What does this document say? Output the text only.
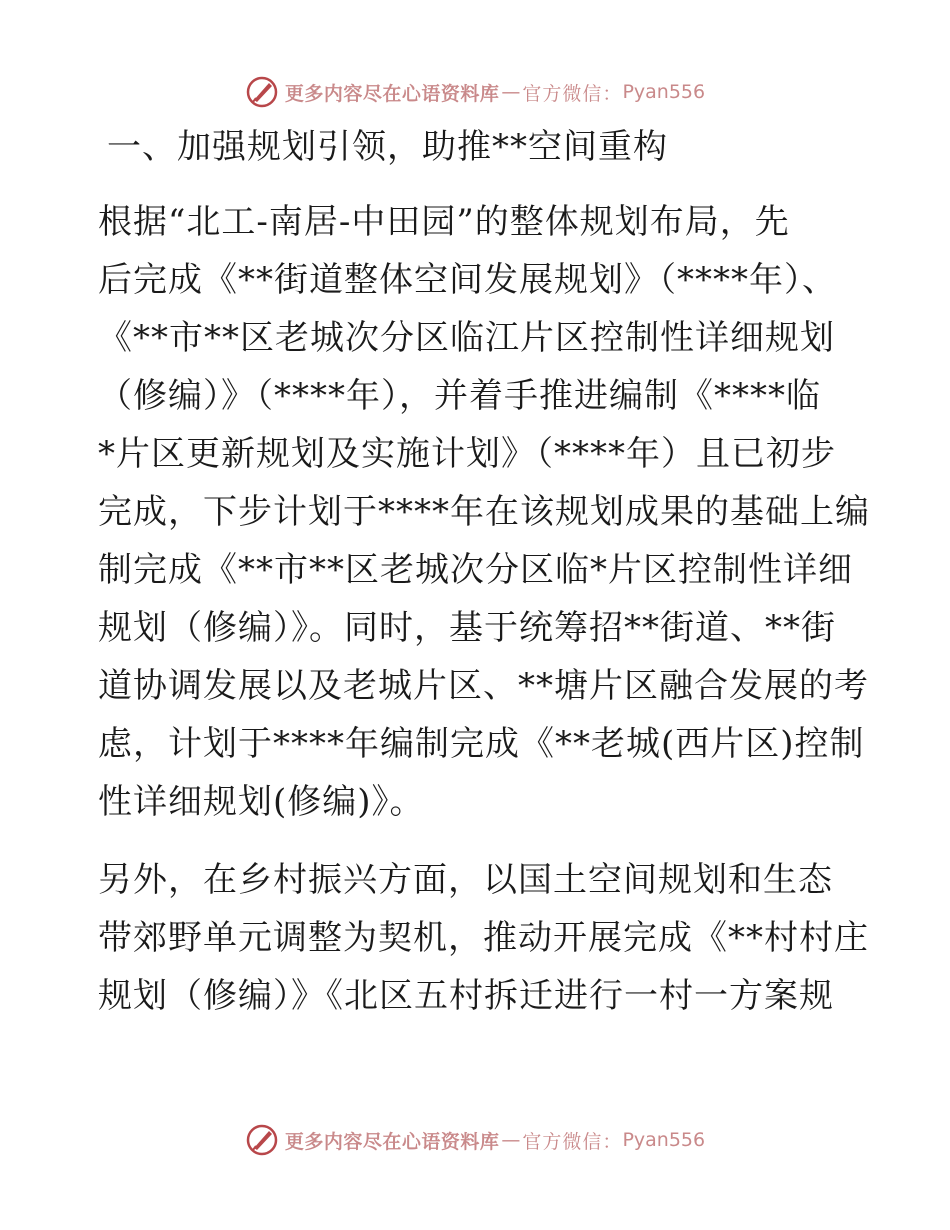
更多内容尽在心语资料库 — 官方微信： Pyan556
一、加强规划引领，助推**空间重构
根据“北工-南居-中田园”的整体规划布局，先
后完成《**街道整体空间发展规划》（****年）、
《**市**区老城次分区临江片区控制性详细规划
（修编）》（****年），并着手推进编制《****临
*片区更新规划及实施计划》（****年）且已初步
完成，下步计划于****年在该规划成果的基础上编
制完成《**市**区老城次分区临*片区控制性详细
规划（修编）》。同时，基于统筹招**街道、**街
道协调发展以及老城片区、**塘片区融合发展的考
虑，计划于****年编制完成《**老城(西片区)控制
性详细规划(修编)》。
另外，在乡村振兴方面，以国土空间规划和生态
带郊野单元调整为契机，推动开展完成《**村村庄
规划（修编）》《北区五村拆迁进行一村一方案规
更多内容尽在心语资料库 — 官方微信： Pyan556
